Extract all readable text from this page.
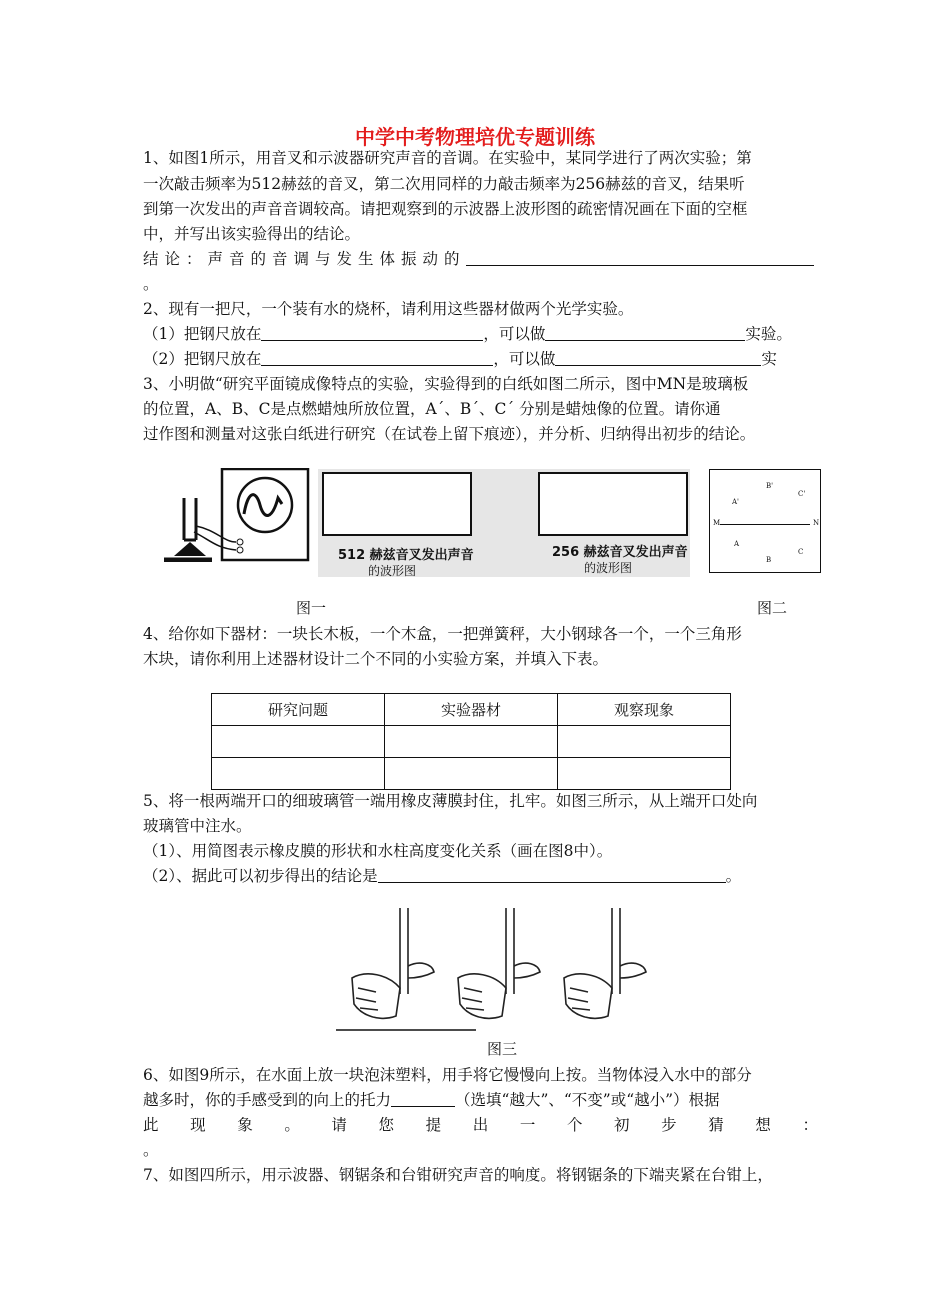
中学中考物理培优专题训练
1、如图1所示，用音叉和示波器研究声音的音调。在实验中，某同学进行了两次实验；第
一次敲击频率为512赫兹的音叉，第二次用同样的力敲击频率为256赫兹的音叉，结果听
到第一次发出的声音音调较高。请把观察到的示波器上波形图的疏密情况画在下面的空框
中，并写出该实验得出的结论。
结论：声音的音调与发生体振动的
。
2、现有一把尺，一个装有水的烧杯，请利用这些器材做两个光学实验。
（1）把钢尺放在	，可以做	实验。
（2）把钢尺放在	，可以做	实
3、小明做“研究平面镜成像特点的实验，实验得到的白纸如图二所示，图中MN是玻璃板
的位置，A、B、C是点燃蜡烛所放位置，A´、B´、C´ 分别是蜡烛像的位置。请你通
过作图和测量对这张白纸进行研究（在试卷上留下痕迹），并分析、归纳得出初步的结论。
512 赫兹音叉发出声音
的波形图
256 赫兹音叉发出声音
的波形图
B'
C'
A'
M	N
A
C
B
图一	图二
4、给你如下器材：一块长木板，一个木盒，一把弹簧秤，大小钢球各一个，一个三角形
木块，请你利用上述器材设计二个不同的小实验方案，并填入下表。
研究问题	实验器材	观察现象

5、将一根两端开口的细玻璃管一端用橡皮薄膜封住，扎牢。如图三所示，从上端开口处向
玻璃管中注水。
（1）、用简图表示橡皮膜的形状和水柱高度变化关系（画在图8中）。
（2）、据此可以初步得出的结论是	。
图三
6、如图9所示，在水面上放一块泡沫塑料，用手将它慢慢向上按。当物体浸入水中的部分
越多时，你的手感受到的向上的托力	（选填“越大”、“不变”或“越小”）根据
此现象。请您提出一个初步猜想：
。
7、如图四所示，用示波器、钢锯条和台钳研究声音的响度。将钢锯条的下端夹紧在台钳上，
